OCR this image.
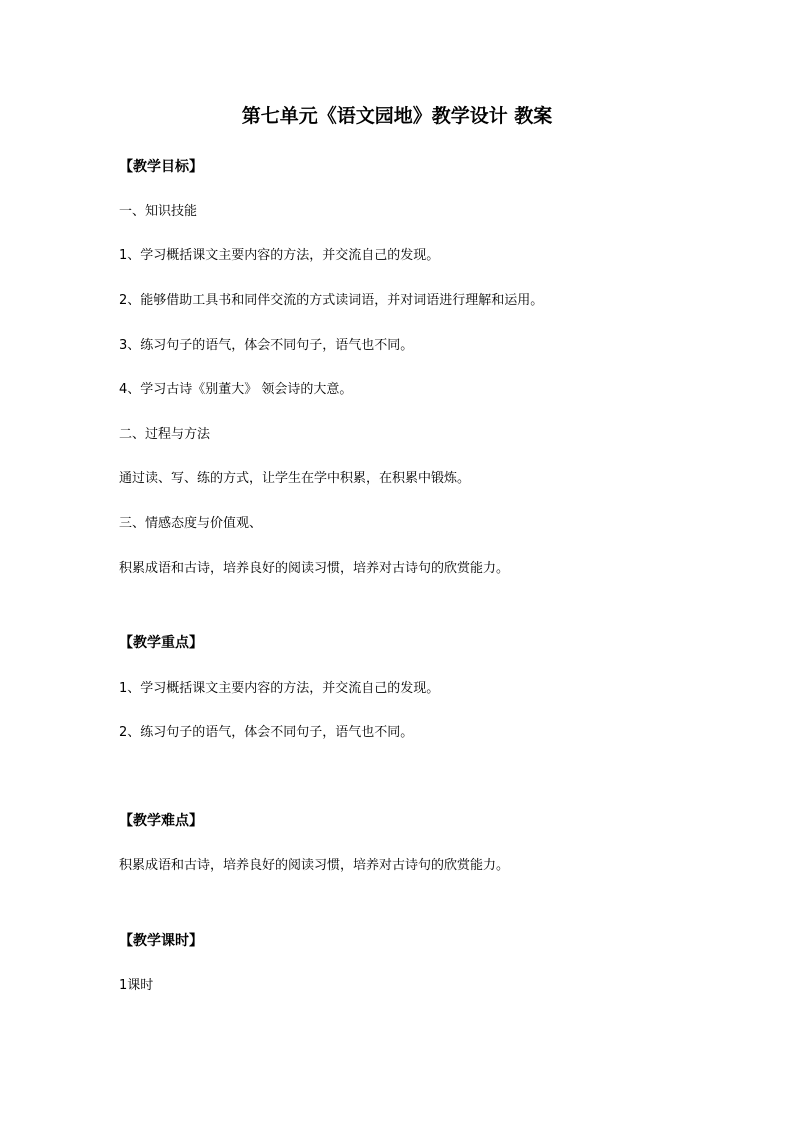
第七单元《语文园地》教学设计 教案
【教学目标】
一、知识技能
1、学习概括课文主要内容的方法，并交流自己的发现。
2、能够借助工具书和同伴交流的方式读词语，并对词语进行理解和运用。
3、练习句子的语气，体会不同句子，语气也不同。
4、学习古诗《别董大》 领会诗的大意。
二、过程与方法
通过读、写、练的方式，让学生在学中积累，在积累中锻炼。
三、情感态度与价值观、
积累成语和古诗，培养良好的阅读习惯，培养对古诗句的欣赏能力。
【教学重点】
1、学习概括课文主要内容的方法，并交流自己的发现。
2、练习句子的语气，体会不同句子，语气也不同。
【教学难点】
积累成语和古诗，培养良好的阅读习惯，培养对古诗句的欣赏能力。
【教学课时】
1课时
